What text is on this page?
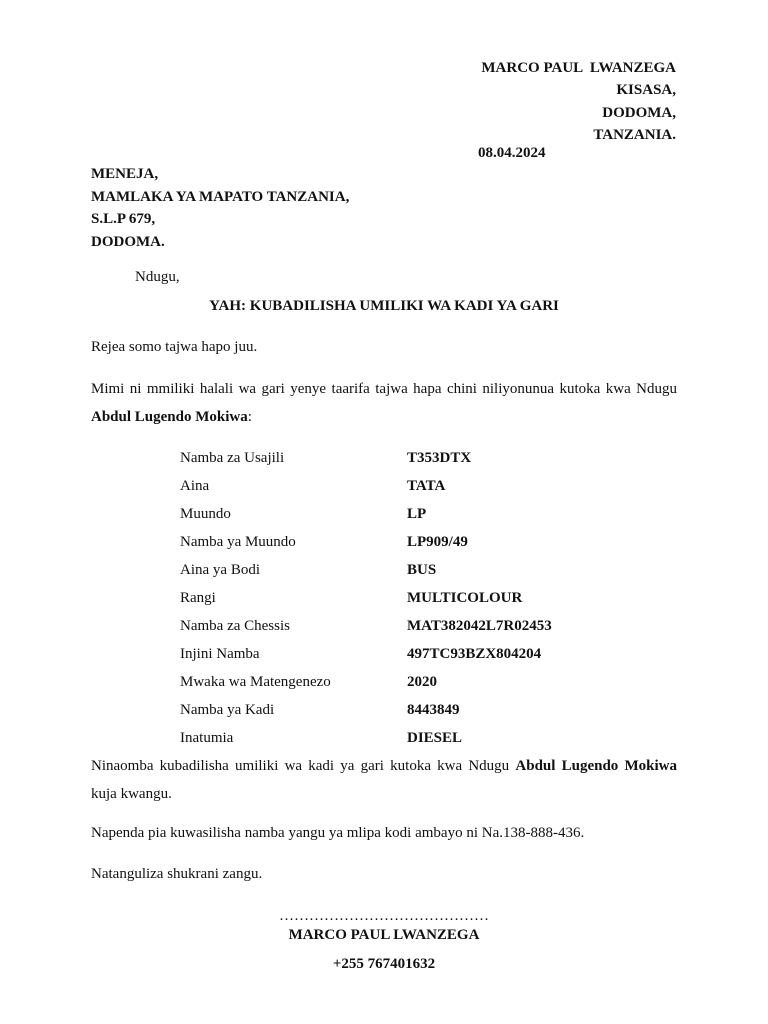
MARCO PAUL  LWANZEGA
KISASA,
DODOMA,
TANZANIA.
08.04.2024
MENEJA,
MAMLAKA YA MAPATO TANZANIA,
S.L.P 679,
DODOMA.
Ndugu,
YAH: KUBADILISHA UMILIKI WA KADI YA GARI
Rejea somo tajwa hapo juu.
Mimi ni mmiliki halali wa gari yenye taarifa tajwa hapa chini niliyonunua kutoka kwa Ndugu Abdul Lugendo Mokiwa:
Namba za Usajili	T353DTX
Aina	TATA
Muundo	LP
Namba ya Muundo	LP909/49
Aina ya Bodi	BUS
Rangi	MULTICOLOUR
Namba za Chessis	MAT382042L7R02453
Injini Namba	497TC93BZX804204
Mwaka wa Matengenezo	2020
Namba ya Kadi	8443849
Inatumia	DIESEL
Ninaomba kubadilisha umiliki wa kadi ya gari kutoka kwa Ndugu Abdul Lugendo Mokiwa kuja kwangu.
Napenda pia kuwasilisha namba yangu ya mlipa kodi ambayo ni Na.138-888-436.
Natanguliza shukrani zangu.
……………………………………
MARCO PAUL LWANZEGA
+255 767401632
